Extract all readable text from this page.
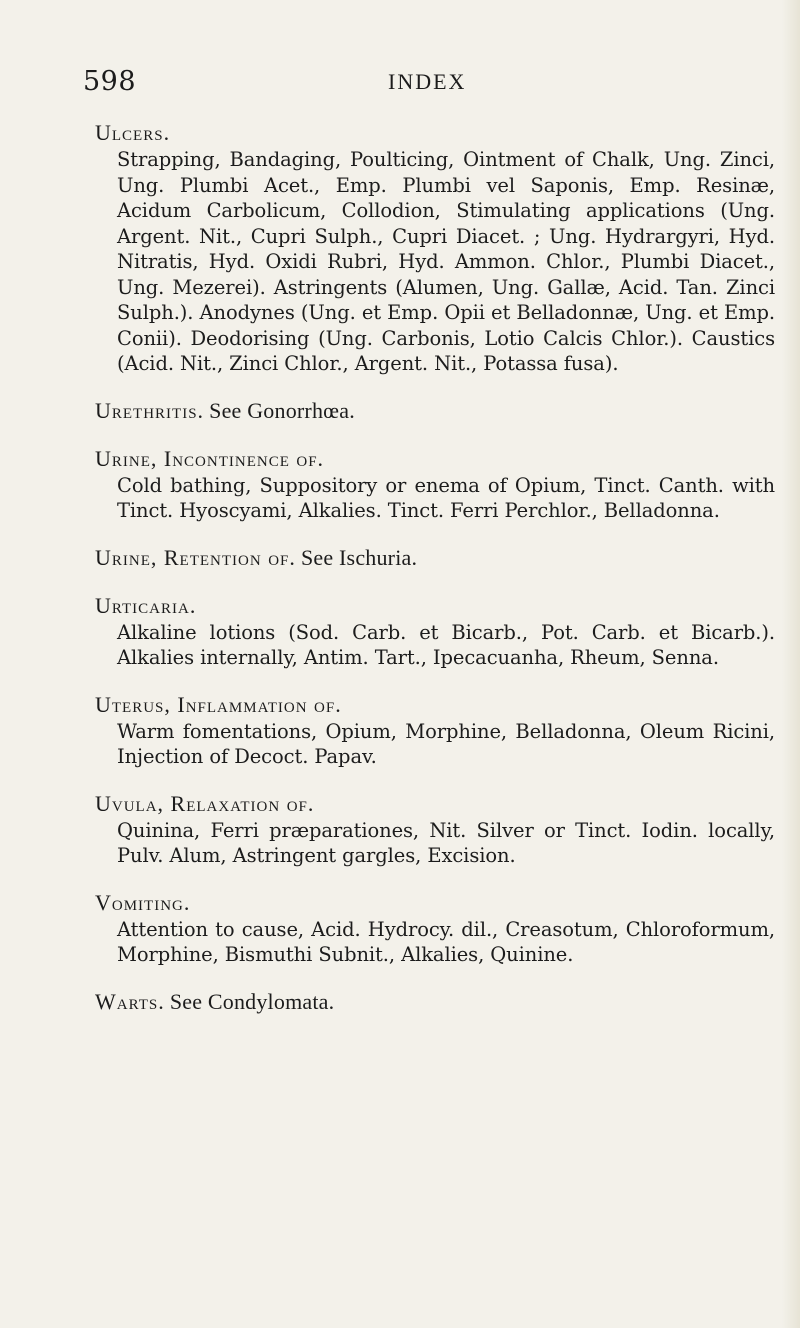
598	INDEX
Ulcers.

Strapping, Bandaging, Poulticing, Ointment of Chalk, Ung. Zinci, Ung. Plumbi Acet., Emp. Plumbi vel Saponis, Emp. Resinæ, Acidum Carbolicum, Collodion, Stimulating applications (Ung. Argent. Nit., Cupri Sulph., Cupri Diacet. ; Ung. Hydrargyri, Hyd. Nitratis, Hyd. Oxidi Rubri, Hyd. Ammon. Chlor., Plumbi Diacet., Ung. Mezerei). Astringents (Alumen, Ung. Gallæ, Acid. Tan. Zinci Sulph.). Anodynes (Ung. et Emp. Opii et Belladonnæ, Ung. et Emp. Conii). Deodorising (Ung. Carbonis, Lotio Calcis Chlor.). Caustics (Acid. Nit., Zinci Chlor., Argent. Nit., Potassa fusa).

Urethritis. See Gonorrhœa.
Urine, Incontinence of.

Cold bathing, Suppository or enema of Opium, Tinct. Canth. with Tinct. Hyoscyami, Alkalies. Tinct. Ferri Perchlor., Belladonna.

Urine, Retention of. See Ischuria.
Urticaria.

Alkaline lotions (Sod. Carb. et Bicarb., Pot. Carb. et Bicarb.). Alkalies internally, Antim. Tart., Ipecacuanha, Rheum, Senna.

Uterus, Inflammation of.

Warm fomentations, Opium, Morphine, Belladonna, Oleum Ricini, Injection of Decoct. Papav.

Uvula, Relaxation of.

Quinina, Ferri præparationes, Nit. Silver or Tinct. Iodin. locally, Pulv. Alum, Astringent gargles, Excision.

Vomiting.

Attention to cause, Acid. Hydrocy. dil., Creasotum, Chloroformum, Morphine, Bismuthi Subnit., Alkalies, Quinine.

Warts. See Condylomata.
